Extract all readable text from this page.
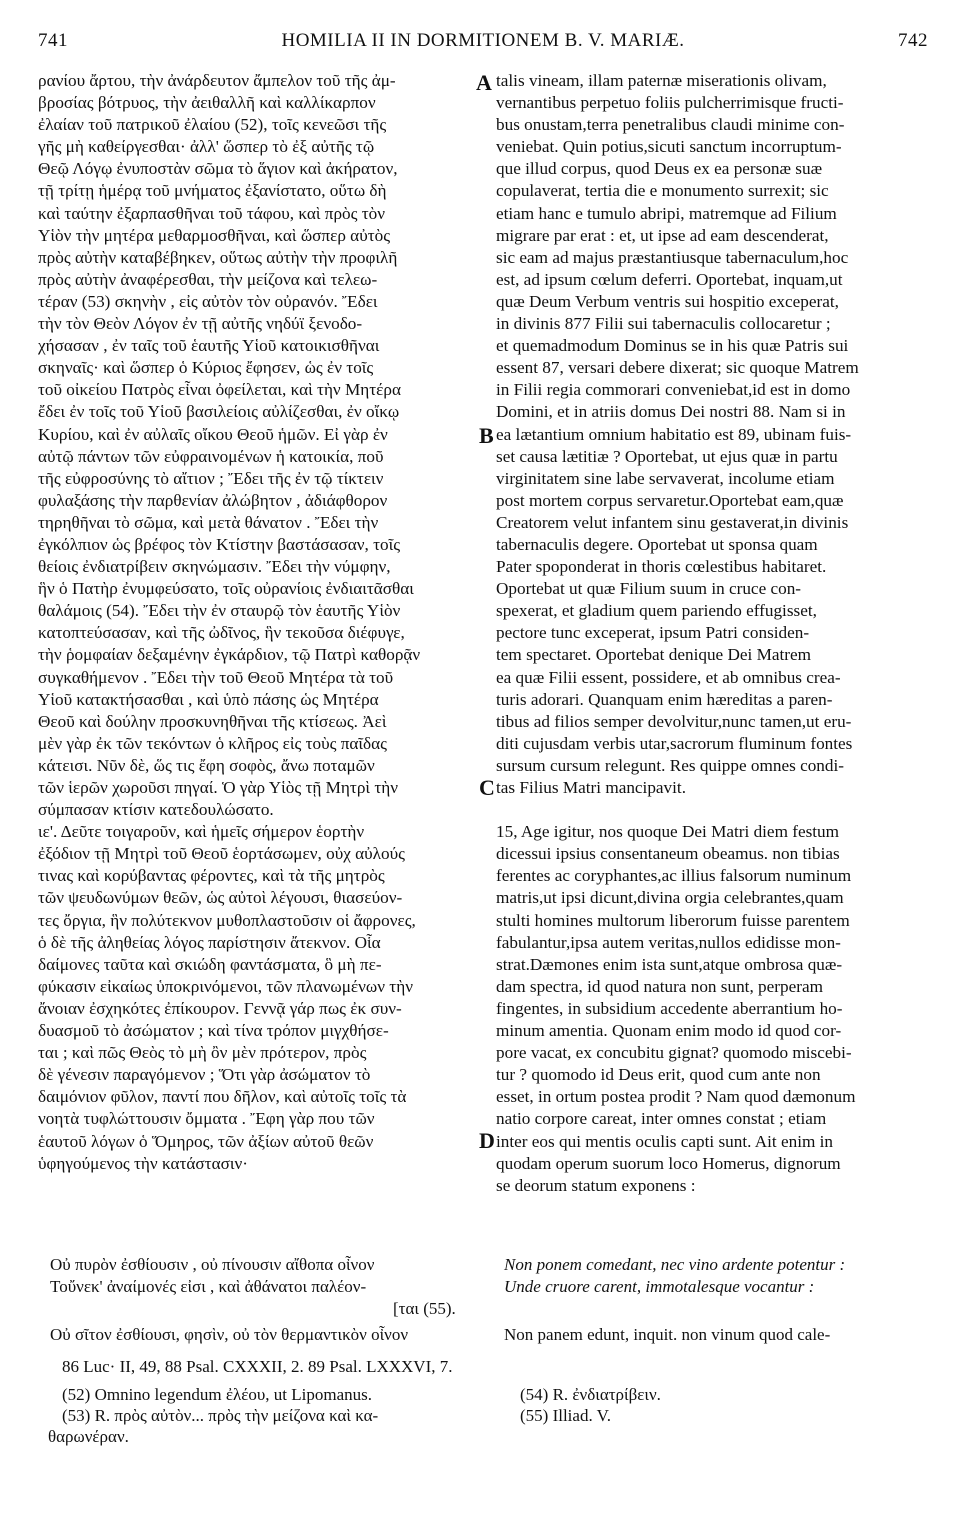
741	HOMILIA II IN DORMITIONEM B. V. MARIÆ.	742
ρανίου ἄρτου, τὴν ἀνάρδευτον ἄμπελον τοῦ τῆς ἀμ-
βροσίας βότρυος, τὴν ἀειθαλλῆ καὶ καλλίκαρπον
ἐλαίαν τοῦ πατρικοῦ ἐλαίου (52), τοῖς κενεῶσι τῆς
γῆς μὴ καθείργεσθαι· ἀλλ' ὥσπερ τὸ ἐξ αὐτῆς τῷ
Θεῷ Λόγῳ ἐνυποστὰν σῶμα τὸ ἅγιον καὶ ἀκήρατον,
τῇ τρίτῃ ἡμέρᾳ τοῦ μνήματος ἐξανίστατο, οὕτω δὴ
καὶ ταύτην ἐξαρπασθῆναι τοῦ τάφου, καὶ πρὸς τὸν
Υἱὸν τὴν μητέρα μεθαρμοσθῆναι, καὶ ὥσπερ αὐτὸς
πρὸς αὐτὴν καταβέβηκεν, οὕτως αὐτὴν τὴν προφιλῆ
πρὸς αὐτὴν ἀναφέρεσθαι, τὴν μείζονα καὶ τελεω-
τέραν (53) σκηνὴν , εἰς αὐτὸν τὸν οὐρανόν. Ἔδει
τὴν τὸν Θεὸν Λόγον ἐν τῇ αὐτῆς νηδύϊ ξενοδο-
χήσασαν , ἐν ταῖς τοῦ ἑαυτῆς Υἱοῦ κατοικισθῆναι
σκηναῖς· καὶ ὥσπερ ὁ Κύριος ἔφησεν, ὡς ἐν τοῖς
τοῦ οἰκείου Πατρὸς εἶναι ὀφείλεται, καὶ τὴν Μητέρα
ἔδει ἐν τοῖς τοῦ Υἱοῦ βασιλείοις αὐλίζεσθαι, ἐν οἴκῳ
Κυρίου, καὶ ἐν αὐλαῖς οἴκου Θεοῦ ἡμῶν. Εἰ γὰρ ἐν
αὐτῷ πάντων τῶν εὐφραινομένων ἡ κατοικία, ποῦ
τῆς εὐφροσύνης τὸ αἴτιον ; Ἔδει τῆς ἐν τῷ τίκτειν
φυλαξάσης τὴν παρθενίαν ἀλώβητον , ἀδιάφθορον
τηρηθῆναι τὸ σῶμα, καὶ μετὰ θάνατον . Ἔδει τὴν
ἐγκόλπιον ὡς βρέφος τὸν Κτίστην βαστάσασαν, τοῖς
θείοις ἐνδιατρίβειν σκηνώμασιν. Ἔδει τὴν νύμφην,
ἣν ὁ Πατὴρ ἐνυμφεύσατο, τοῖς οὐρανίοις ἐνδιαιτᾶσθαι
θαλάμοις (54). Ἔδει τὴν ἐν σταυρῷ τὸν ἑαυτῆς Υἱὸν
κατοπτεύσασαν, καὶ τῆς ὠδῖνος, ἣν τεκοῦσα διέφυγε,
τὴν ῥομφαίαν δεξαμένην ἐγκάρδιον, τῷ Πατρὶ καθορᾷν
συγκαθήμενον . Ἔδει τὴν τοῦ Θεοῦ Μητέρα τὰ τοῦ
Υἱοῦ κατακτήσασθαι , καὶ ὑπὸ πάσης ὡς Μητέρα
Θεοῦ καὶ δούλην προσκυνηθῆναι τῆς κτίσεως. Ἀεὶ
μὲν γὰρ ἐκ τῶν τεκόντων ὁ κλῆρος εἰς τοὺς παῖδας
κάτεισι. Νῦν δὲ, ὥς τις ἔφη σοφὸς, ἄνω ποταμῶν
τῶν ἱερῶν χωροῦσι πηγαί. Ὁ γὰρ Υἱὸς τῇ Μητρὶ τὴν
σύμπασαν κτίσιν κατεδουλώσατο.
ιε'. Δεῦτε τοιγαροῦν, καὶ ἡμεῖς σήμερον ἑορτὴν
ἐξόδιον τῇ Μητρὶ τοῦ Θεοῦ ἑορτάσωμεν, οὐχ αὐλούς
τινας καὶ κορύβαντας φέροντες, καὶ τὰ τῆς μητρὸς
τῶν ψευδωνύμων θεῶν, ὡς αὐτοὶ λέγουσι, θιασεύον-
τες ὄργια, ἣν πολύτεκνον μυθοπλαστοῦσιν οἱ ἄφρονες,
ὁ δὲ τῆς ἀληθείας λόγος παρίστησιν ἄτεκνον. Οἷα
δαίμονες ταῦτα καὶ σκιώδη φαντάσματα, ὃ μὴ πε-
φύκασιν εἰκαίως ὑποκρινόμενοι, τῶν πλανωμένων τὴν
ἄνοιαν ἐσχηκότες ἐπίκουρον. Γεννᾷ γάρ πως ἐκ συν-
δυασμοῦ τὸ ἀσώματον ; καὶ τίνα τρόπον μιγχθήσε-
ται ; καὶ πῶς Θεὸς τὸ μὴ ὂν μὲν πρότερον, πρὸς
δὲ γένεσιν παραγόμενον ; Ὅτι γὰρ ἀσώματον τὸ
δαιμόνιον φῦλον, παντί που δῆλον, καὶ αὐτοῖς τοῖς τὰ
νοητὰ τυφλώττουσιν ὄμματα . Ἔφη γὰρ που τῶν
ἑαυτοῦ λόγων ὁ Ὅμηρος, τῶν ἀξίων αὐτοῦ θεῶν
ὑφηγούμενος τὴν κατάστασιν·
talis vineam, illam paternæ miserationis olivam,
vernantibus perpetuo foliis pulcherrimisque fructi-
bus onustam,terra penetralibus claudi minime con-
veniebat. Quin potius,sicuti sanctum incorruptum-
que illud corpus, quod Deus ex ea personæ suæ
copulaverat, tertia die e monumento surrexit; sic
etiam hanc e tumulo abripi, matremque ad Filium
migrare par erat : et, ut ipse ad eam descenderat,
sic eam ad majus præstantiusque tabernaculum,hoc
est, ad ipsum cœlum deferri. Oportebat, inquam,ut
quæ Deum Verbum ventris sui hospitio exceperat,
in divinis 877 Filii sui tabernaculis collocaretur ;
et quemadmodum Dominus se in his quæ Patris sui
essent 87, versari debere dixerat; sic quoque Matrem
in Filii regia commorari conveniebat,id est in domo
Domini, et in atriis domus Dei nostri 88. Nam si in
ea lætantium omnium habitatio est 89, ubinam fuis-
set causa lætitiæ ? Oportebat, ut ejus quæ in partu
virginitatem sine labe servaverat, incolume etiam
post mortem corpus servaretur.Oportebat eam,quæ
Creatorem velut infantem sinu gestaverat,in divinis
tabernaculis degere. Oportebat ut sponsa quam
Pater spoponderat in thoris cœlestibus habitaret.
Oportebat ut quæ Filium suum in cruce con-
spexerat, et gladium quem pariendo effugisset,
pectore tunc exceperat, ipsum Patri considen-
tem spectaret. Oportebat denique Dei Matrem
ea quæ Filii essent, possidere, et ab omnibus crea-
turis adorari. Quanquam enim hæreditas a paren-
tibus ad filios semper devolvitur,nunc tamen,ut eru-
diti cujusdam verbis utar,sacrorum fluminum fontes
sursum cursum relegunt. Res quippe omnes condi-
tas Filius Matri mancipavit.
15, Age igitur, nos quoque Dei Matri diem festum
dicessui ipsius consentaneum obeamus. non tibias
ferentes ac coryphantes,ac illius falsorum numinum
matris,ut ipsi dicunt,divina orgia celebrantes,quam
stulti homines multorum liberorum fuisse parentem
fabulantur,ipsa autem veritas,nullos edidisse mon-
strat.Dæmones enim ista sunt,atque ombrosa quæ-
dam spectra, id quod natura non sunt, perperam
fingentes, in subsidium accedente aberrantium ho-
minum amentia. Quonam enim modo id quod cor-
pore vacat, ex concubitu gignat? quomodo miscebi-
tur ? quomodo id Deus erit, quod cum ante non
esset, in ortum postea prodit ? Nam quod dæmonum
natio corpore careat, inter omnes constat ; etiam
inter eos qui mentis oculis capti sunt. Ait enim in
quodam operum suorum loco Homerus, dignorum
se deorum statum exponens :
A
B
C
D
Οὐ πυρὸν ἐσθίουσιν , οὐ πίνουσιν αἴθοπα οἶνον
Τοὔνεκ' ἀναίμονές εἰσι , καὶ ἀθάνατοι παλέον-
[ται (55).
Οὐ σῖτον ἐσθίουσι, φησὶν, οὐ τὸν θερμαντικὸν οἶνον
Non ponem comedant, nec vino ardente potentur :
Unde cruore carent, immotalesque vocantur :
Non panem edunt, inquit. non vinum quod cale-
86 Luc· II, 49, 88 Psal. CXXXII, 2. 89 Psal. LXXXVI, 7.
(52) Omnino legendum ἐλέου, ut Lipomanus.
(53) R. πρὸς αὐτὸν... πρὸς τὴν μείζονα καὶ κα-
θαρωνέραν.
(54) R. ἐνδιατρίβειν.
(55) Illiad. V.
